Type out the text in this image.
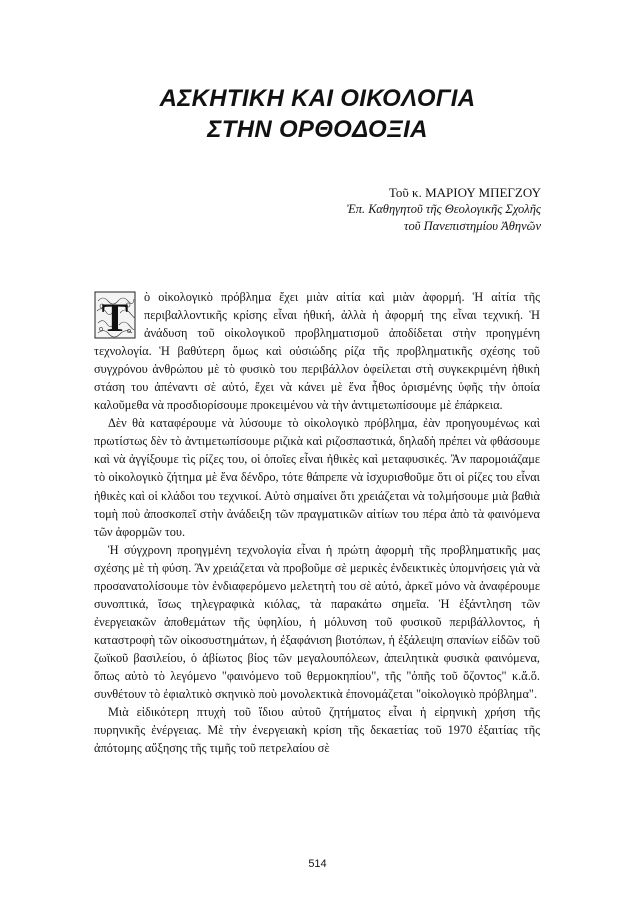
ΑΣΚΗΤΙΚΗ ΚΑΙ ΟΙΚΟΛΟΓΙΑ
ΣΤΗΝ ΟΡΘΟΔΟΞΙΑ
Τοῦ κ. ΜΑΡΙΟΥ ΜΠΕΓΖΟΥ
Ἐπ. Καθηγητοῦ τῆς Θεολογικῆς Σχολῆς
τοῦ Πανεπιστημίου Ἀθηνῶν
T	ὸ οἰκολογικὸ πρόβλημα ἔχει μιὰν αἰτία καὶ μιὰν ἀφορμή. Ἡ αἰτία τῆς περιβαλλοντικῆς κρίσης εἶναι ἠθική, ἀλλὰ ἡ ἀφορμή της εἶναι τεχνική. Ἡ ἀνάδυση τοῦ οἰκολογικοῦ προβληματισμοῦ ἀποδίδεται στὴν προηγμένη τεχνολογία. Ἡ βαθύτερη ὅμως καὶ οὐσιώδης ρίζα τῆς προβληματικῆς σχέσης τοῦ συγχρόνου ἀνθρώπου μὲ τὸ φυσικὸ του περιβάλλον ὀφείλεται στὴ συγκεκριμένη ἠθικὴ στάση του ἀπέναντι σὲ αὐτό, ἔχει νὰ κάνει μὲ ἕνα ἦθος ὁρισμένης ὑφῆς τὴν ὁποία καλοῦμεθα νὰ προσδιορίσουμε προκειμένου νὰ τὴν ἀντιμετωπίσουμε μὲ ἐπάρκεια.

Δὲν θὰ καταφέρουμε νὰ λύσουμε τὸ οἰκολογικὸ πρόβλημα, ἐὰν προηγουμένως καὶ πρωτίστως δὲν τὸ ἀντιμετωπίσουμε ριζικὰ καὶ ριζοσπαστικά, δηλαδὴ πρέπει νὰ φθάσουμε καὶ νὰ ἀγγίξουμε τὶς ρίζες του, οἱ ὁποῖες εἶναι ἠθικὲς καὶ μεταφυσικές. Ἂν παρομοιάζαμε τὸ οἰκολογικὸ ζήτημα μὲ ἕνα δένδρο, τότε θάπρεπε νὰ ἰσχυρισθοῦμε ὅτι οἱ ρίζες του εἶναι ἠθικὲς καὶ οἱ κλάδοι του τεχνικοί. Αὐτὸ σημαίνει ὅτι χρειάζεται νὰ τολμήσουμε μιὰ βαθιὰ τομὴ ποὺ ἀποσκοπεῖ στὴν ἀνάδειξη τῶν πραγματικῶν αἰτίων του πέρα ἀπὸ τὰ φαινόμενα τῶν ἀφορμῶν του.

Ἡ σύγχρονη προηγμένη τεχνολογία εἶναι ἡ πρώτη ἀφορμὴ τῆς προβληματικῆς μας σχέσης μὲ τὴ φύση. Ἂν χρειάζεται νὰ προβοῦμε σὲ μερικὲς ἐνδεικτικὲς ὑπομνήσεις γιὰ νὰ προσανατολίσουμε τὸν ἐνδιαφερόμενο μελετητὴ του σὲ αὐτό, ἀρκεῖ μόνο νὰ ἀναφέρουμε συνοπτικά, ἴσως τηλεγραφικὰ κιόλας, τὰ παρακάτω σημεῖα. Ἡ ἐξάντληση τῶν ἐνεργειακῶν ἀποθεμάτων τῆς ὑφηλίου, ἡ μόλυνση τοῦ φυσικοῦ περιβάλλοντος, ἡ καταστροφὴ τῶν οἰκοσυστημάτων, ἡ ἐξαφάνιση βιοτόπων, ἡ ἐξάλειψη σπανίων εἰδῶν τοῦ ζωϊκοῦ βασιλείου, ὁ ἀβίωτος βίος τῶν μεγαλουπόλεων, ἀπειλητικὰ φυσικὰ φαινόμενα, ὅπως αὐτὸ τὸ λεγόμενο "φαινόμενο τοῦ θερμοκηπίου", τῆς "ὀπῆς τοῦ ὄζοντος" κ.ἄ.ὅ. συνθέτουν τὸ ἐφιαλτικὸ σκηνικὸ ποὺ μονολεκτικὰ ἐπονομάζεται "οἰκολογικὸ πρόβλημα".

Μιὰ εἰδικότερη πτυχὴ τοῦ ἴδιου αὐτοῦ ζητήματος εἶναι ἡ εἰρηνικὴ χρήση τῆς πυρηνικῆς ἐνέργειας. Μὲ τὴν ἐνεργειακὴ κρίση τῆς δεκαετίας τοῦ 1970 ἐξαιτίας τῆς ἀπότομης αὔξησης τῆς τιμῆς τοῦ πετρελαίου σὲ

514
